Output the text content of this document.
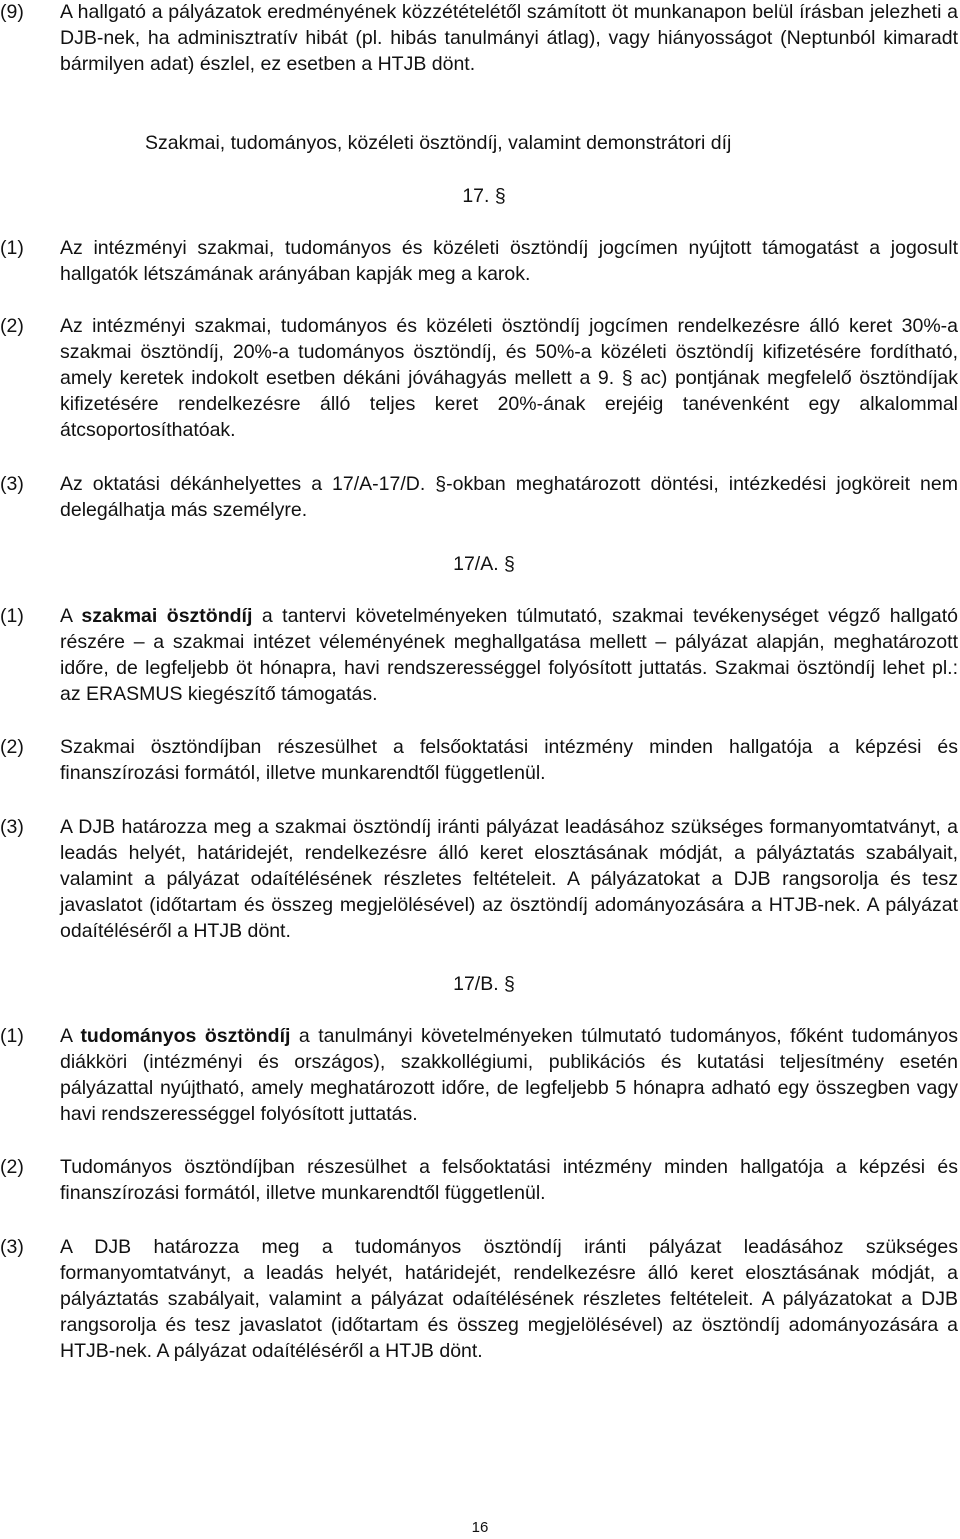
(9)	A hallgató a pályázatok eredményének közzétételétől számított öt munkanapon belül írásban jelezheti a DJB-nek, ha adminisztratív hibát (pl. hibás tanulmányi átlag), vagy hiányosságot (Neptunból kimaradt bármilyen adat) észlel, ez esetben a HTJB dönt.
Szakmai, tudományos, közéleti ösztöndíj, valamint demonstrátori díj
17. §
(1)	Az intézményi szakmai, tudományos és közéleti ösztöndíj jogcímen nyújtott támogatást a jogosult hallgatók létszámának arányában kapják meg a karok.
(2)	Az intézményi szakmai, tudományos és közéleti ösztöndíj jogcímen rendelkezésre álló keret 30%-a szakmai ösztöndíj, 20%-a tudományos ösztöndíj, és 50%-a közéleti ösztöndíj kifizetésére fordítható, amely keretek indokolt esetben dékáni jóváhagyás mellett a 9. § ac) pontjának megfelelő ösztöndíjak kifizetésére rendelkezésre álló teljes keret 20%-ának erejéig tanévenként egy alkalommal átcsoportosíthatóak.
(3)	Az oktatási dékánhelyettes a 17/A-17/D. §-okban meghatározott döntési, intézkedési jogköreit nem delegálhatja más személyre.
17/A. §
(1)	A szakmai ösztöndíj a tantervi követelményeken túlmutató, szakmai tevékenységet végző hallgató részére – a szakmai intézet véleményének meghallgatása mellett – pályázat alapján, meghatározott időre, de legfeljebb öt hónapra, havi rendszerességgel folyósított juttatás. Szakmai ösztöndíj lehet pl.: az ERASMUS kiegészítő támogatás.
(2)	Szakmai ösztöndíjban részesülhet a felsőoktatási intézmény minden hallgatója a képzési és finanszírozási formától, illetve munkarendtől függetlenül.
(3)	A DJB határozza meg a szakmai ösztöndíj iránti pályázat leadásához szükséges formanyomtatványt, a leadás helyét, határidejét, rendelkezésre álló keret elosztásának módját, a pályáztatás szabályait, valamint a pályázat odaítélésének részletes feltételeit. A pályázatokat a DJB rangsorolja és tesz javaslatot (időtartam és összeg megjelölésével) az ösztöndíj adományozására a HTJB-nek. A pályázat odaítéléséről a HTJB dönt.
17/B. §
(1)	A tudományos ösztöndíj a tanulmányi követelményeken túlmutató tudományos, főként tudományos diákköri (intézményi és országos), szakkollégiumi, publikációs és kutatási teljesítmény esetén pályázattal nyújtható, amely meghatározott időre, de legfeljebb 5 hónapra adható egy összegben vagy havi rendszerességgel folyósított juttatás.
(2)	Tudományos ösztöndíjban részesülhet a felsőoktatási intézmény minden hallgatója a képzési és finanszírozási formától, illetve munkarendtől függetlenül.
(3)	A DJB határozza meg a tudományos ösztöndíj iránti pályázat leadásához szükséges formanyomtatványt, a leadás helyét, határidejét, rendelkezésre álló keret elosztásának módját, a pályáztatás szabályait, valamint a pályázat odaítélésének részletes feltételeit. A pályázatokat a DJB rangsorolja és tesz javaslatot (időtartam és összeg megjelölésével) az ösztöndíj adományozására a HTJB-nek. A pályázat odaítéléséről a HTJB dönt.
16
